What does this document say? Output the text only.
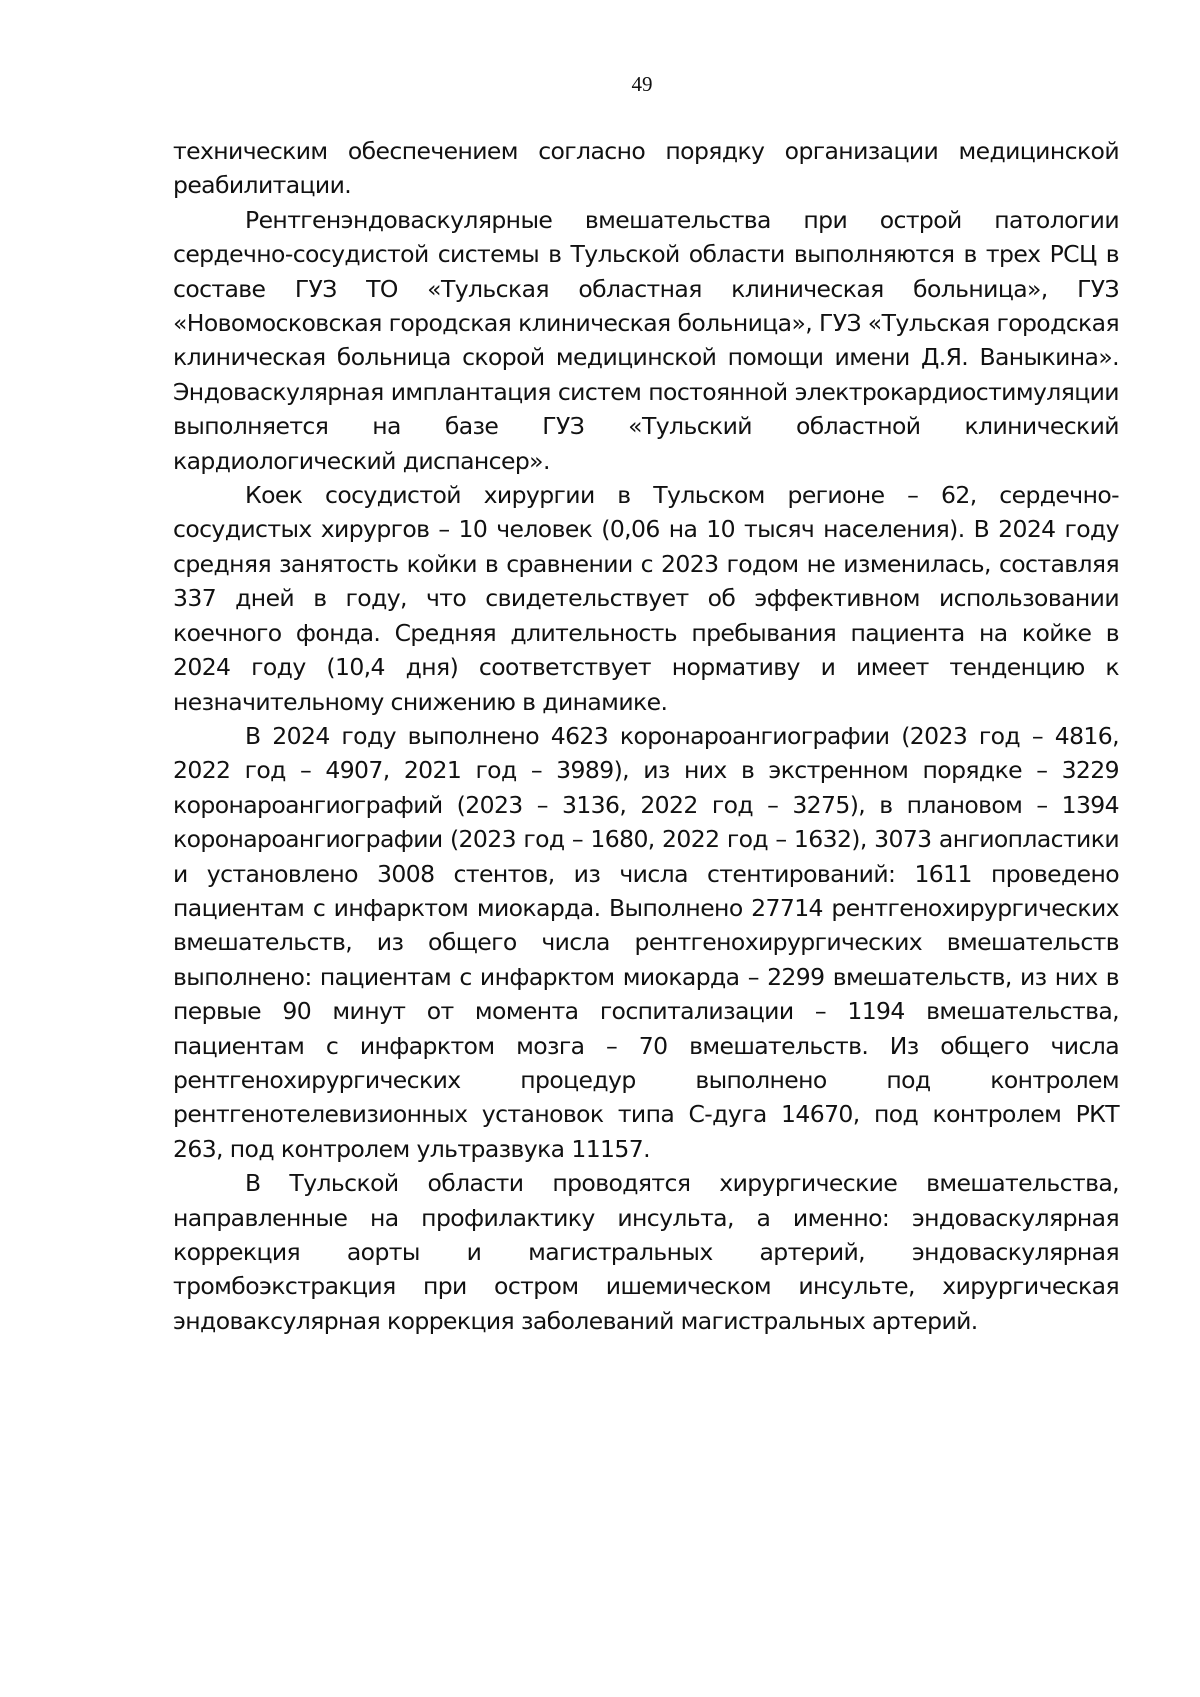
49

техническим обеспечением согласно порядку организации медицинской реабилитации.

Рентгенэндоваскулярные вмешательства при острой патологии сердечно-сосудистой системы в Тульской области выполняются в трех РСЦ в составе ГУЗ ТО «Тульская областная клиническая больница», ГУЗ «Новомосковская городская клиническая больница», ГУЗ «Тульская городская клиническая больница скорой медицинской помощи имени Д.Я. Ваныкина». Эндоваскулярная имплантация систем постоянной электрокардиостимуляции выполняется на базе ГУЗ «Тульский областной клинический кардиологический диспансер».

Коек сосудистой хирургии в Тульском регионе – 62, сердечно-сосудистых хирургов – 10 человек (0,06 на 10 тысяч населения). В 2024 году средняя занятость койки в сравнении с 2023 годом не изменилась, составляя 337 дней в году, что свидетельствует об эффективном использовании коечного фонда. Средняя длительность пребывания пациента на койке в 2024 году (10,4 дня) соответствует нормативу и имеет тенденцию к незначительному снижению в динамике.

В 2024 году выполнено 4623 коронароангиографии (2023 год – 4816, 2022 год – 4907, 2021 год – 3989), из них в экстренном порядке – 3229 коронароангиографий (2023 – 3136, 2022 год – 3275), в плановом – 1394 коронароангиографии (2023 год – 1680, 2022 год – 1632), 3073 ангиопластики и установлено 3008 стентов, из числа стентирований: 1611 проведено пациентам с инфарктом миокарда. Выполнено 27714 рентгенохирургических вмешательств, из общего числа рентгенохирургических вмешательств выполнено: пациентам с инфарктом миокарда – 2299 вмешательств, из них в первые 90 минут от момента госпитализации – 1194 вмешательства, пациентам с инфарктом мозга – 70 вмешательств. Из общего числа рентгенохирургических процедур выполнено под контролем рентгенотелевизионных установок типа С-дуга 14670, под контролем РКТ 263, под контролем ультразвука 11157.

В Тульской области проводятся хирургические вмешательства, направленные на профилактику инсульта, а именно: эндоваскулярная коррекция аорты и магистральных артерий, эндоваскулярная тромбоэкстракция при остром ишемическом инсульте, хирургическая эндоваксулярная коррекция заболеваний магистральных артерий.
